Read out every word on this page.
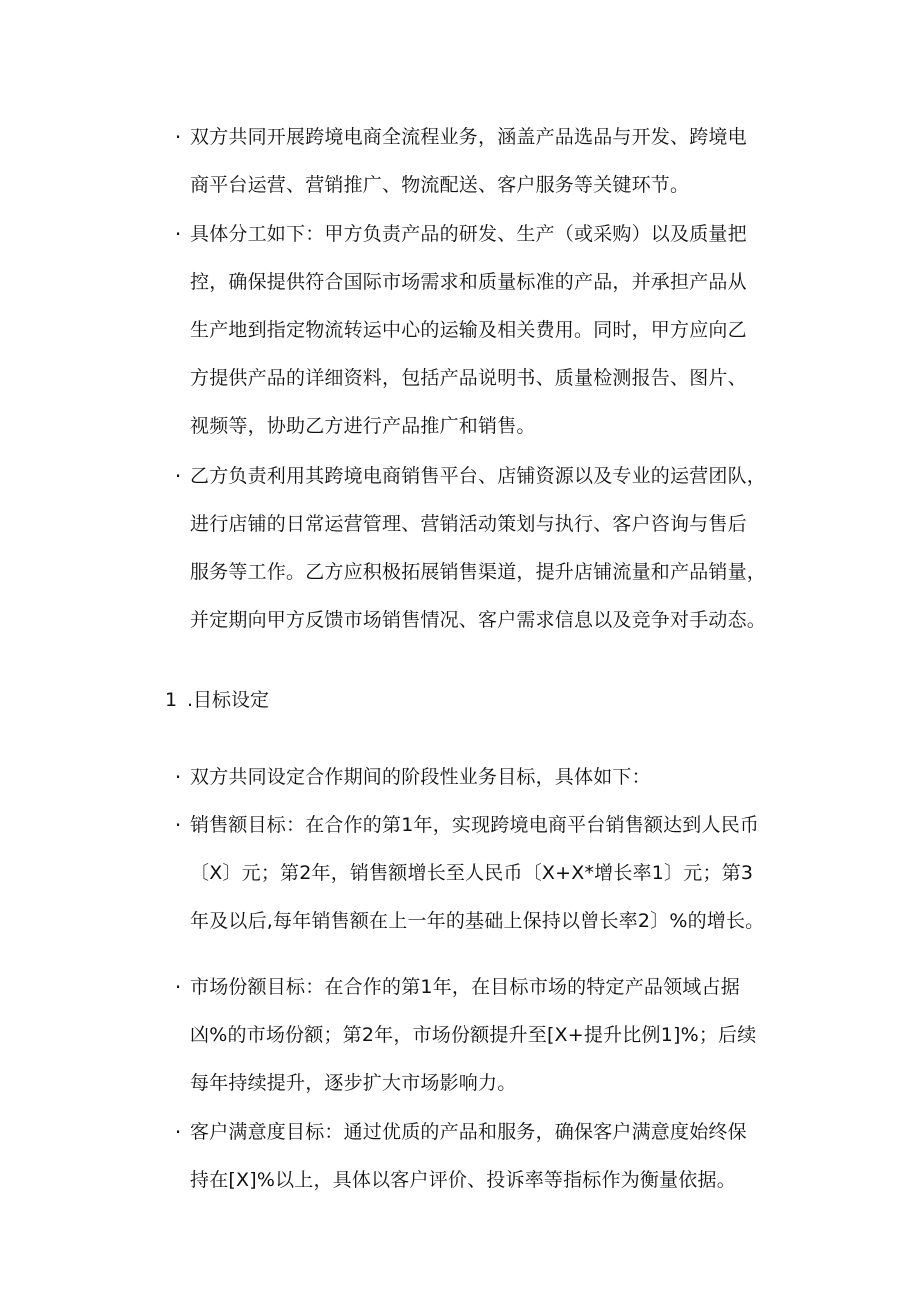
· 双方共同开展跨境电商全流程业务，涵盖产品选品与开发、跨境电
商平台运营、营销推广、物流配送、客户服务等关键环节。
· 具体分工如下：甲方负责产品的研发、生产（或采购）以及质量把
控，确保提供符合国际市场需求和质量标准的产品，并承担产品从
生产地到指定物流转运中心的运输及相关费用。同时，甲方应向乙
方提供产品的详细资料，包括产品说明书、质量检测报告、图片、
视频等，协助乙方进行产品推广和销售。
· 乙方负责利用其跨境电商销售平台、店铺资源以及专业的运营团队，
进行店铺的日常运营管理、营销活动策划与执行、客户咨询与售后
服务等工作。乙方应积极拓展销售渠道，提升店铺流量和产品销量，
并定期向甲方反馈市场销售情况、客户需求信息以及竞争对手动态。
1 .目标设定
· 双方共同设定合作期间的阶段性业务目标，具体如下：
· 销售额目标：在合作的第1年，实现跨境电商平台销售额达到人民币
〔X〕元；第2年，销售额增长至人民币〔X+X*增长率1〕元；第3
年及以后,每年销售额在上一年的基础上保持以曾长率2〕%的增长。
· 市场份额目标：在合作的第1年，在目标市场的特定产品领域占据
凶%的市场份额；第2年，市场份额提升至[X+提升比例1]%；后续
每年持续提升，逐步扩大市场影响力。
· 客户满意度目标：通过优质的产品和服务，确保客户满意度始终保
持在[X]%以上，具体以客户评价、投诉率等指标作为衡量依据。
